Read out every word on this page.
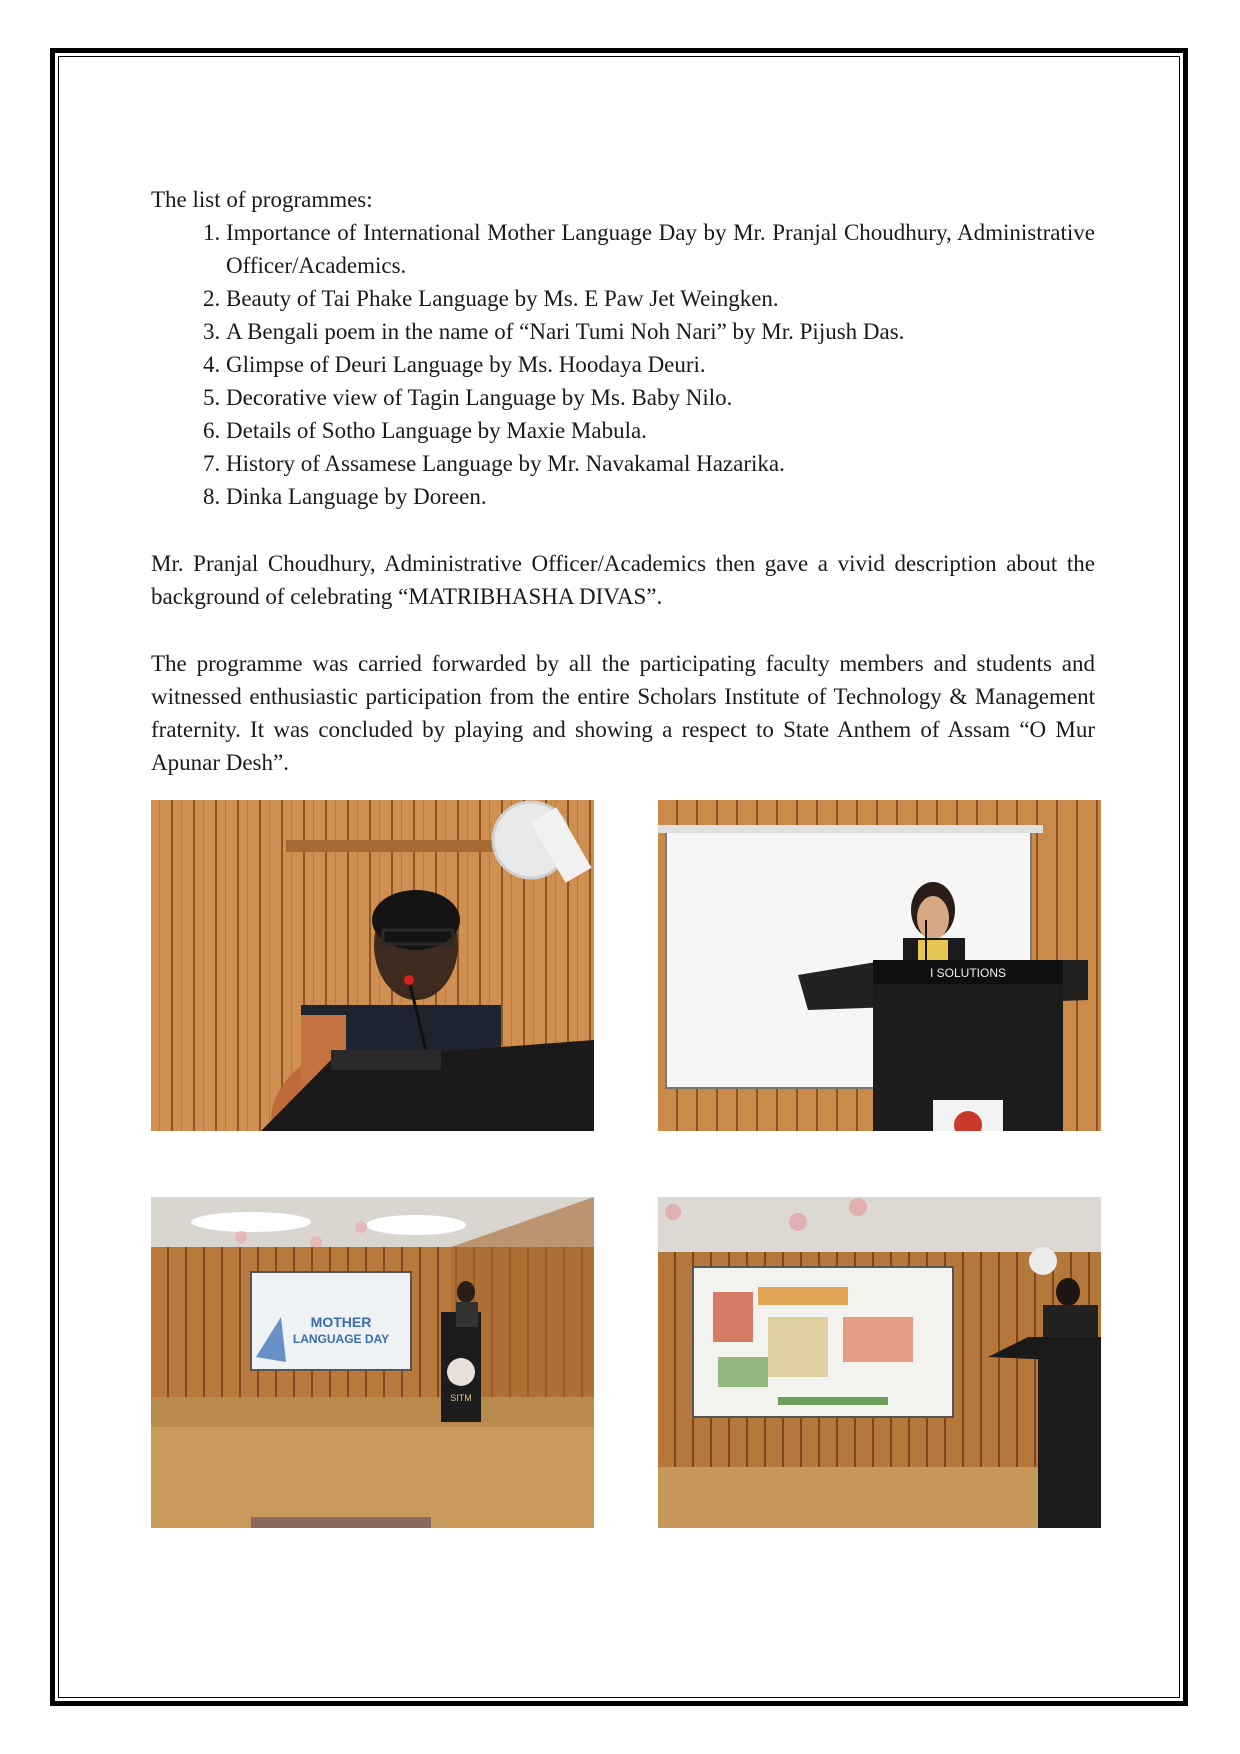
The list of programmes:

1. Importance of International Mother Language Day by Mr. Pranjal Choudhury, Administrative Officer/Academics.
2. Beauty of Tai Phake Language by Ms. E Paw Jet Weingken.
3. A Bengali poem in the name of “Nari Tumi Noh Nari” by Mr. Pijush Das.
4. Glimpse of Deuri Language by Ms. Hoodaya Deuri.
5. Decorative view of Tagin Language by Ms. Baby Nilo.
6. Details of Sotho Language by Maxie Mabula.
7. History of Assamese Language by Mr. Navakamal Hazarika.
8. Dinka Language by Doreen.

Mr. Pranjal Choudhury, Administrative Officer/Academics then gave a vivid description about the background of celebrating “MATRIBHASHA DIVAS”.

The programme was carried forwarded by all the participating faculty members and students and witnessed enthusiastic participation from the entire Scholars Institute of Technology & Management fraternity. It was concluded by playing and showing a respect to State Anthem of Assam “O Mur Apunar Desh”.

I SOLUTIONS
MOTHER
LANGUAGE DAY
SITM
